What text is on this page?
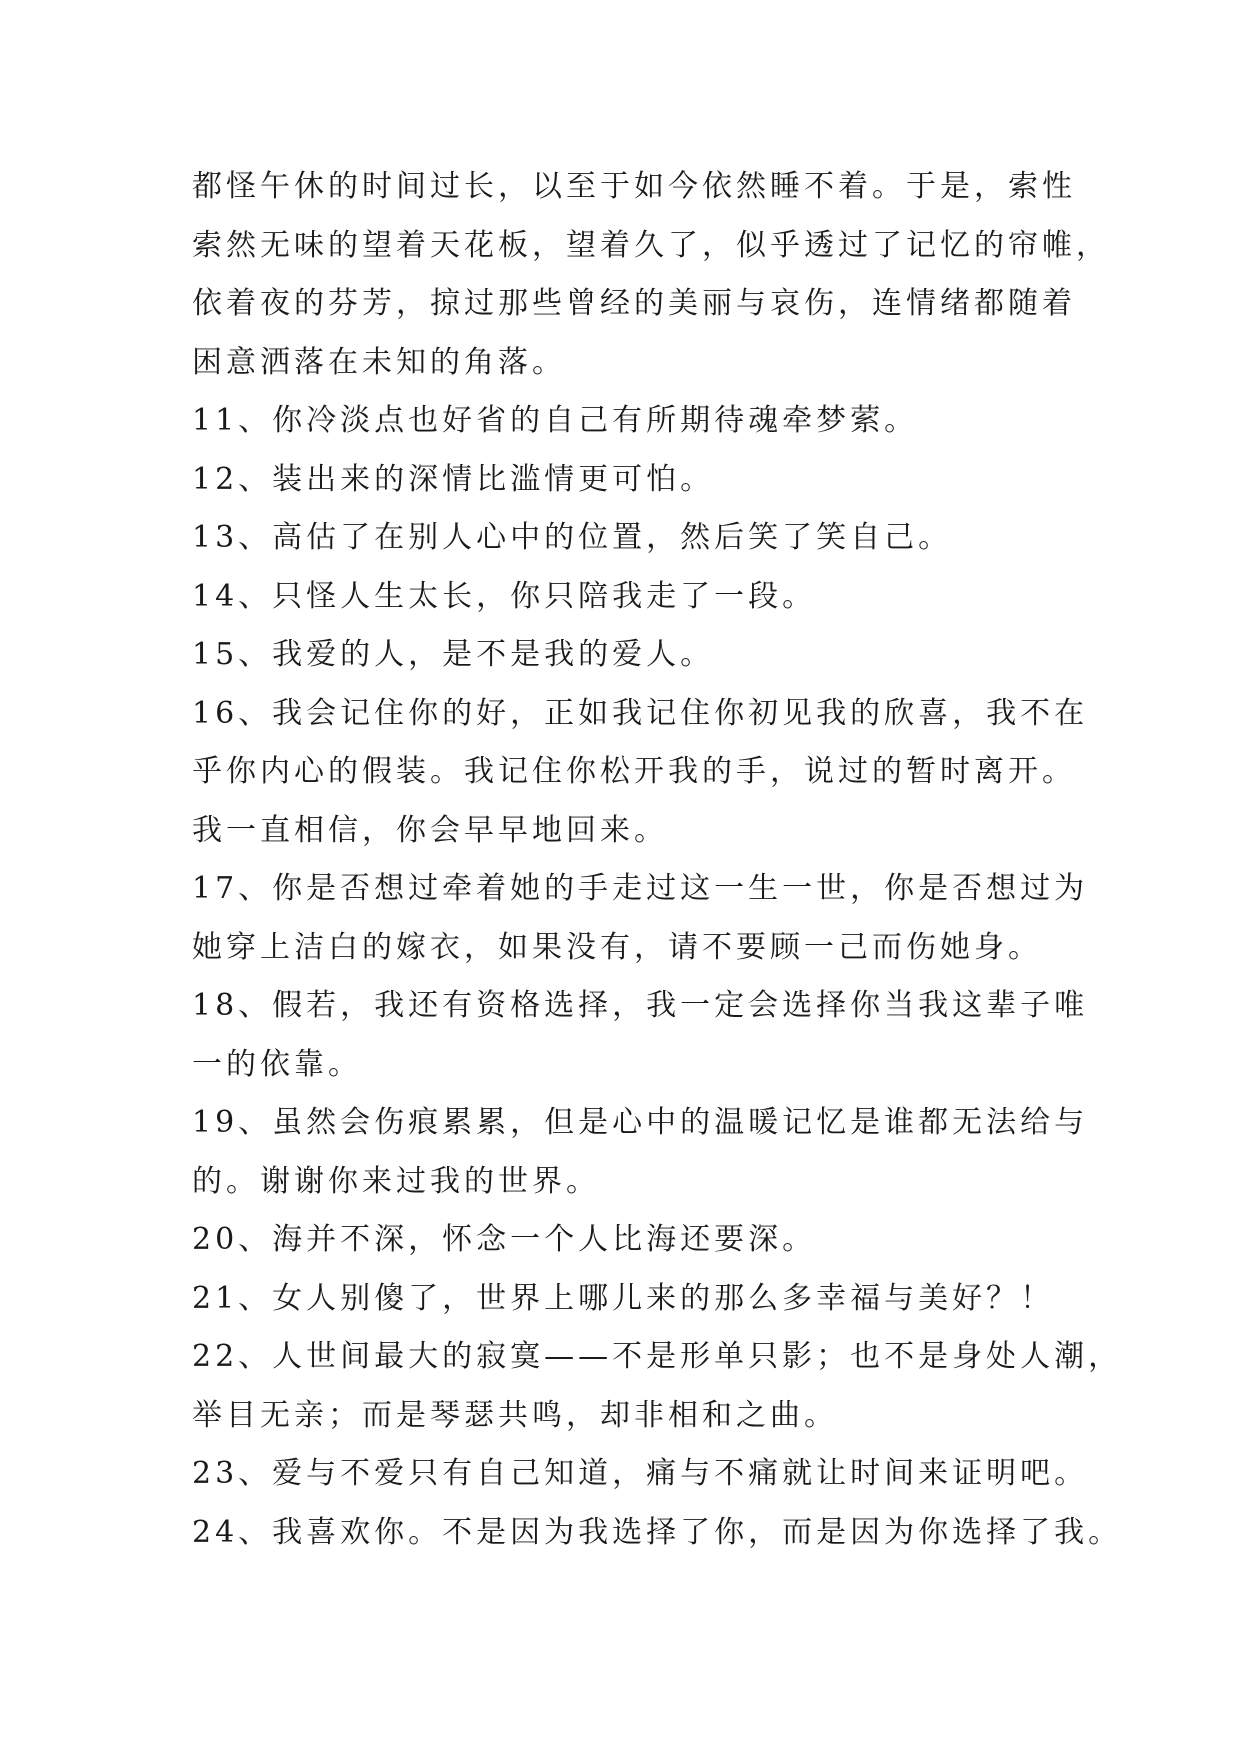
都怪午休的时间过长，以至于如今依然睡不着。于是，索性
索然无味的望着天花板，望着久了，似乎透过了记忆的帘帷，
依着夜的芬芳，掠过那些曾经的美丽与哀伤，连情绪都随着
困意洒落在未知的角落。
11、你冷淡点也好省的自己有所期待魂牵梦萦。
12、装出来的深情比滥情更可怕。
13、高估了在别人心中的位置，然后笑了笑自己。
14、只怪人生太长，你只陪我走了一段。
15、我爱的人，是不是我的爱人。
16、我会记住你的好，正如我记住你初见我的欣喜，我不在
乎你内心的假装。我记住你松开我的手，说过的暂时离开。
我一直相信，你会早早地回来。
17、你是否想过牵着她的手走过这一生一世，你是否想过为
她穿上洁白的嫁衣，如果没有，请不要顾一己而伤她身。
18、假若，我还有资格选择，我一定会选择你当我这辈子唯
一的依靠。
19、虽然会伤痕累累，但是心中的温暖记忆是谁都无法给与
的。谢谢你来过我的世界。
20、海并不深，怀念一个人比海还要深。
21、女人别傻了，世界上哪儿来的那么多幸福与美好？！
22、人世间最大的寂寞——不是形单只影；也不是身处人潮，
举目无亲；而是琴瑟共鸣，却非相和之曲。
23、爱与不爱只有自己知道，痛与不痛就让时间来证明吧。
24、我喜欢你。不是因为我选择了你，而是因为你选择了我。
